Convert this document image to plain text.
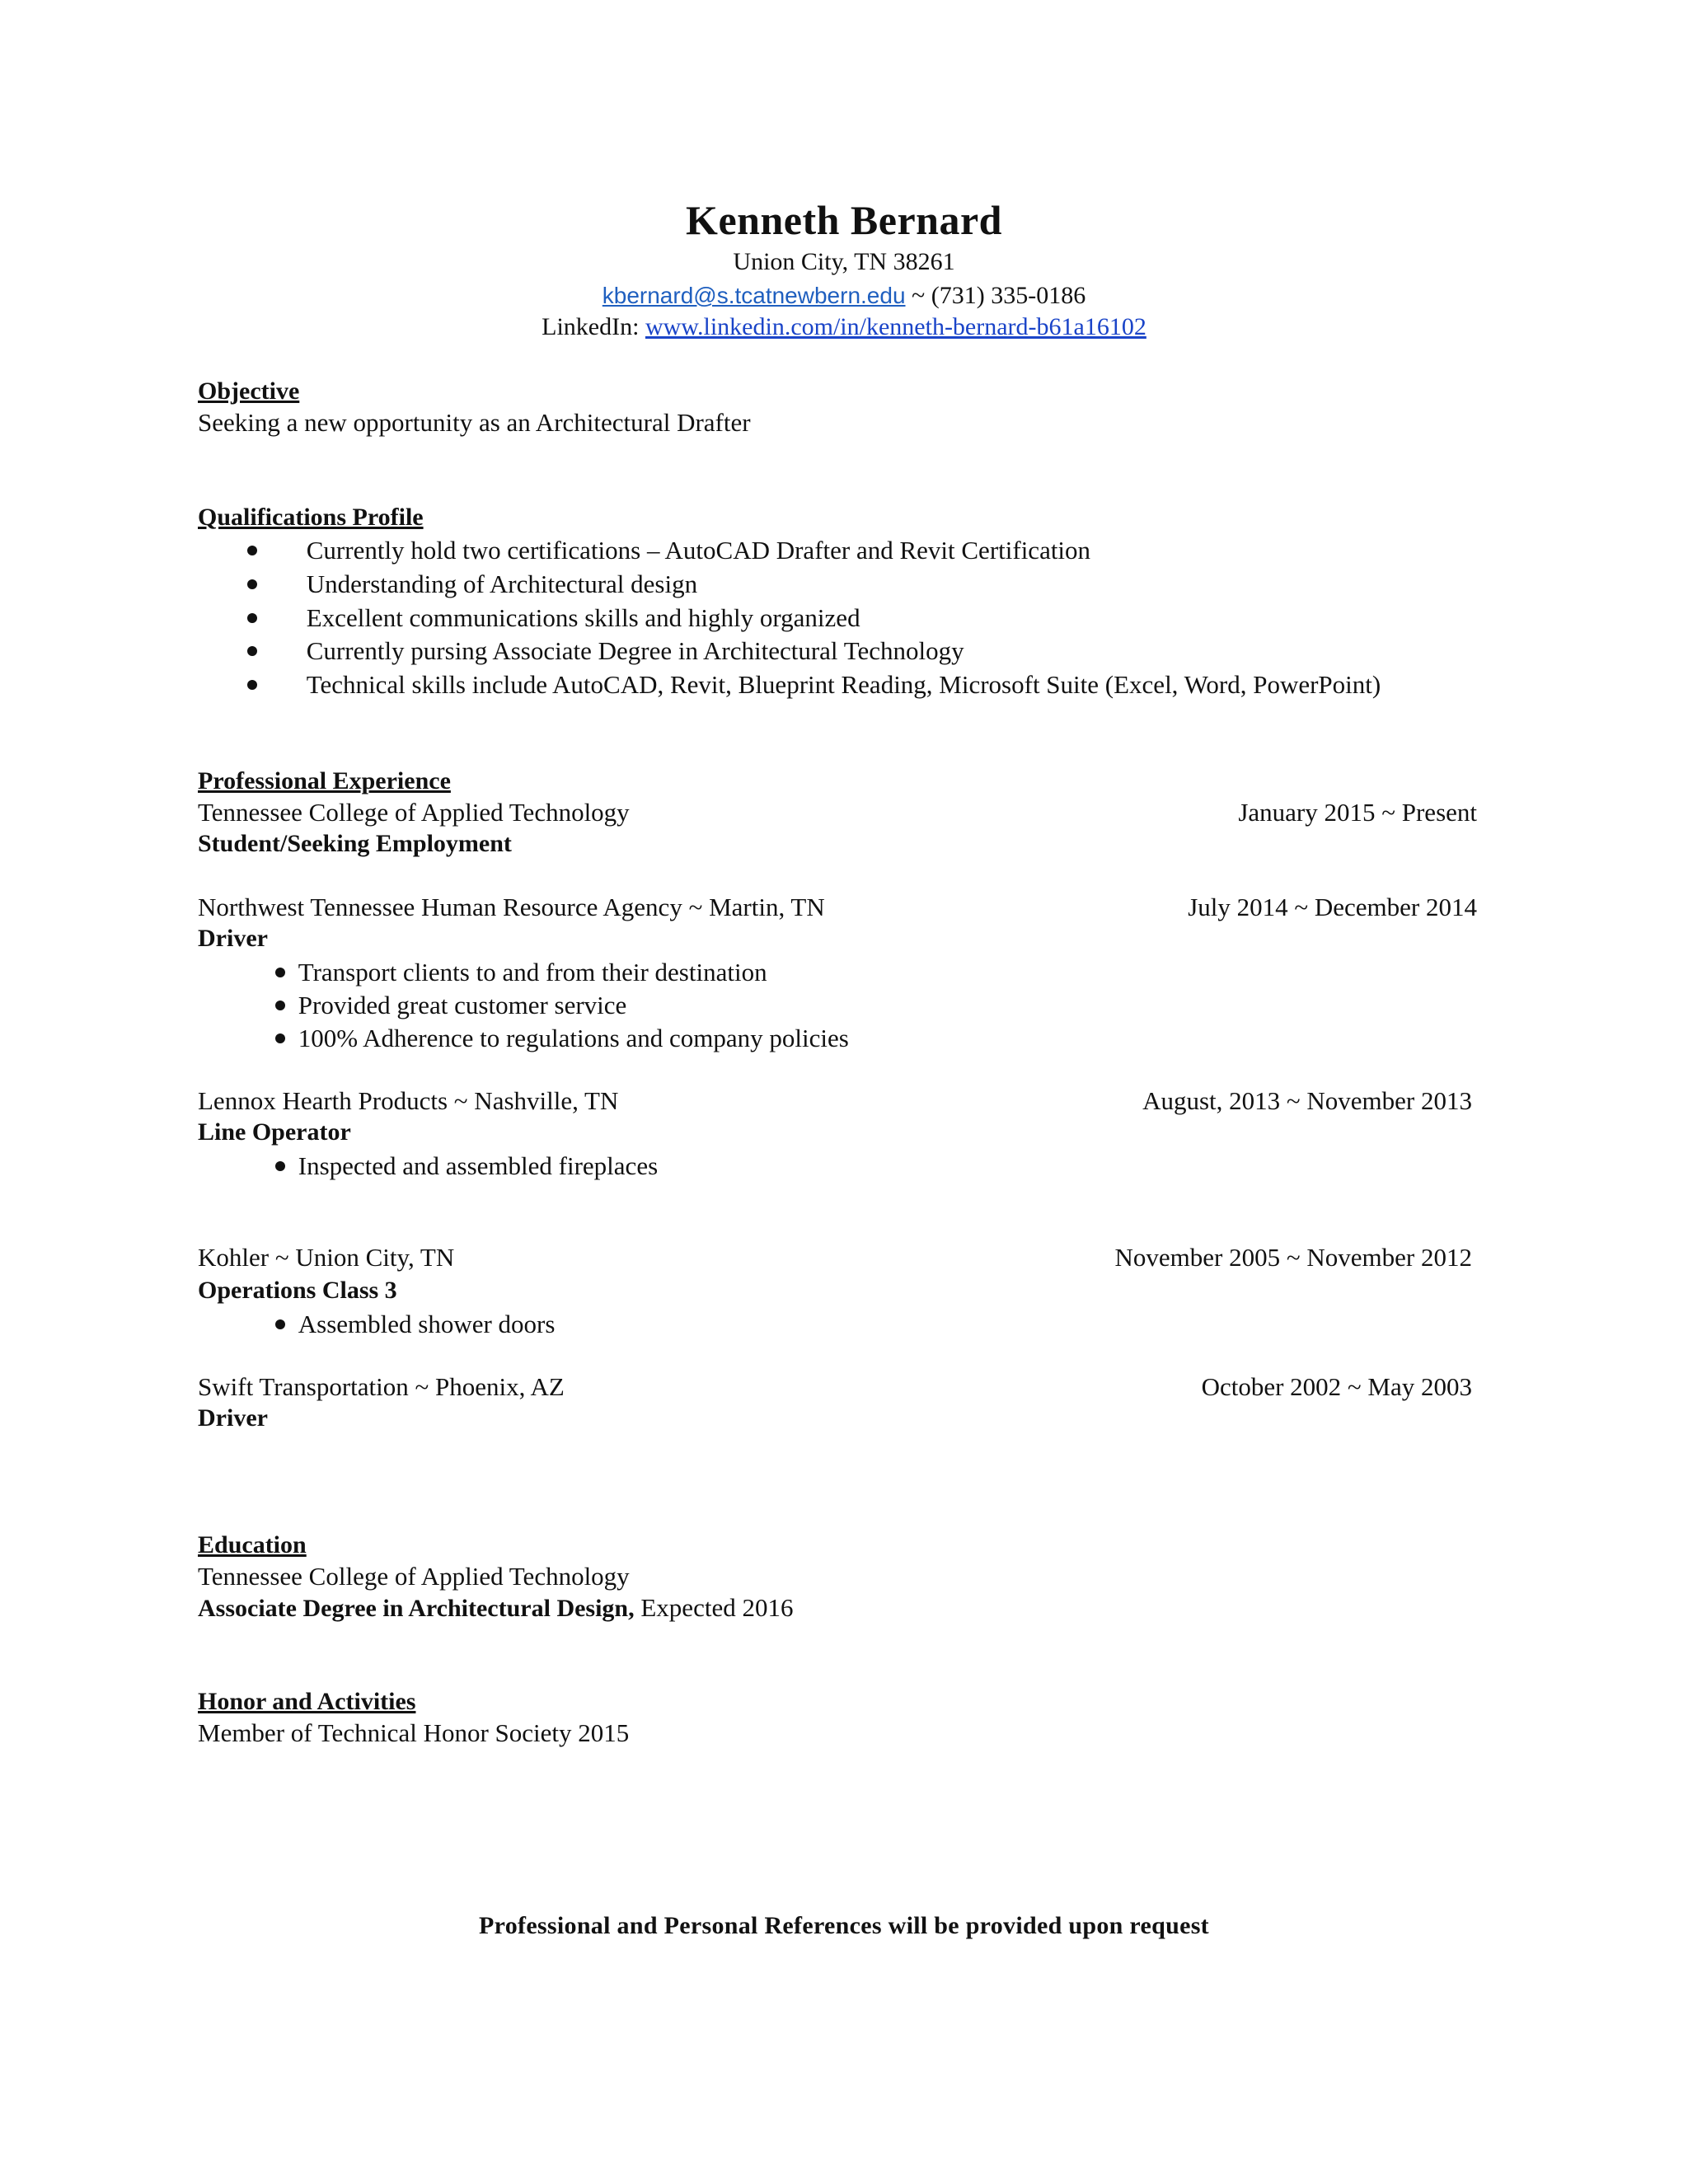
Kenneth Bernard
Union City, TN 38261
kbernard@s.tcatnewbern.edu ~ (731) 335-0186
LinkedIn: www.linkedin.com/in/kenneth-bernard-b61a16102
Objective
Seeking a new opportunity as an Architectural Drafter
Qualifications Profile
Currently hold two certifications – AutoCAD Drafter and Revit Certification
Understanding of Architectural design
Excellent communications skills and highly organized
Currently pursing Associate Degree in Architectural Technology
Technical skills include AutoCAD, Revit, Blueprint Reading, Microsoft Suite (Excel, Word, PowerPoint)
Professional Experience
Tennessee College of Applied Technology	January 2015 ~ Present
Student/Seeking Employment
Northwest Tennessee Human Resource Agency ~ Martin, TN	July 2014 ~ December 2014
Driver
Transport clients to and from their destination
Provided great customer service
100% Adherence to regulations and company policies
Lennox Hearth Products ~ Nashville, TN	August, 2013 ~ November 2013
Line Operator
Inspected and assembled fireplaces
Kohler ~ Union City, TN	November 2005 ~ November 2012
Operations Class 3
Assembled shower doors
Swift Transportation ~ Phoenix, AZ	October 2002 ~ May 2003
Driver
Education
Tennessee College of Applied Technology
Associate Degree in Architectural Design, Expected 2016
Honor and Activities
Member of Technical Honor Society 2015
Professional and Personal References will be provided upon request
